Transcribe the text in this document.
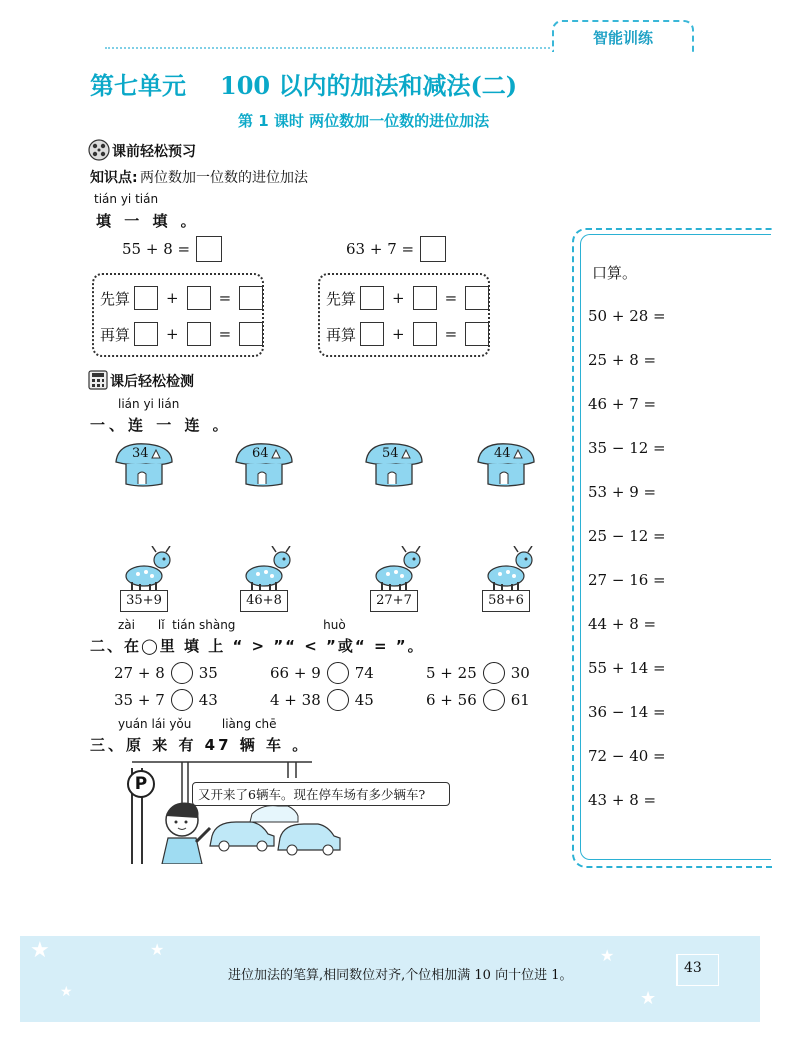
智能训练
第七单元 100 以内的加法和减法(二)
第 1 课时 两位数加一位数的进位加法
课前轻松预习
知识点: 两位数加一位数的进位加法
tián yi tián
填 一 填 。
55 + 8 =	63 + 7 =
先算 +	=
再算 +	=
先算 +	=
再算 +	=
口算。
50 + 28 =
25 + 8 =
46 + 7 =
35 − 12 =
53 + 9 =
25 − 12 =
27 − 16 =
44 + 8 =
55 + 14 =
36 − 14 =
72 − 40 =
43 + 8 =
课后轻松检测
lián yi lián
一、连 一 连 。
34	64	54	44
35+9	46+8	27+7	58+6
zài      lǐ  tián shàng                       huò
二、在◯里 填 上 “ > ”“ < ”或“ = ”。
27 + 8 35	66 + 9 74	5 + 25 30
35 + 7 43	4 + 38 45	6 + 56 61
yuán lái yǒu        liàng chē
三、原 来 有 47 辆 车 。
P
又开来了6辆车。现在停车场有多少辆车?
★
★
★	★
★
进位加法的笔算,相同数位对齐,个位相加满 10 向十位进 1。	43
